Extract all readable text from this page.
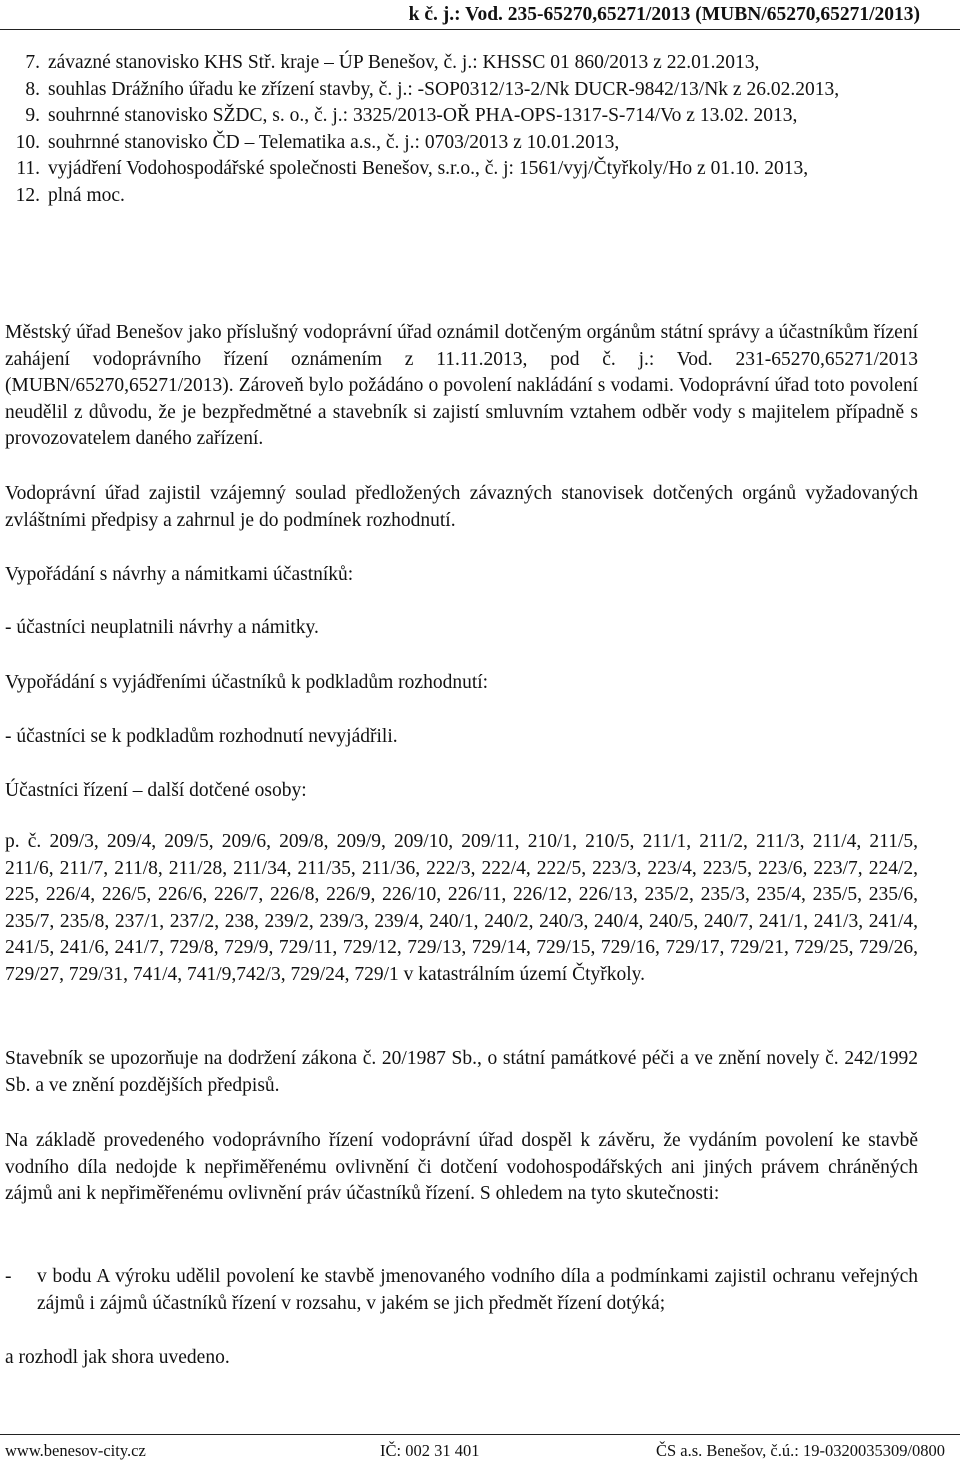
k č. j.: Vod. 235-65270,65271/2013 (MUBN/65270,65271/2013)
7. závazné stanovisko KHS Stř. kraje – ÚP Benešov, č. j.: KHSSC 01 860/2013 z 22.01.2013,
8. souhlas Drážního úřadu ke zřízení stavby, č. j.: -SOP0312/13-2/Nk DUCR-9842/13/Nk z 26.02.2013,
9. souhrnné stanovisko SŽDC, s. o., č. j.: 3325/2013-OŘ PHA-OPS-1317-S-714/Vo z 13.02. 2013,
10. souhrnné stanovisko ČD – Telematika a.s., č. j.: 0703/2013 z 10.01.2013,
11. vyjádření Vodohospodářské společnosti Benešov, s.r.o., č. j: 1561/vyj/Čtyřkoly/Ho z 01.10. 2013,
12. plná moc.

Městský úřad Benešov jako příslušný vodoprávní úřad oznámil dotčeným orgánům státní správy a účastníkům řízení zahájení vodoprávního řízení oznámením z 11.11.2013, pod č. j.: Vod. 231-65270,65271/2013 (MUBN/65270,65271/2013). Zároveň bylo požádáno o povolení nakládání s vodami. Vodoprávní úřad toto povolení neudělil z důvodu, že je bezpředmětné a stavebník si zajistí smluvním vztahem odběr vody s majitelem případně s provozovatelem daného zařízení.

Vodoprávní úřad zajistil vzájemný soulad předložených závazných stanovisek dotčených orgánů vyžadovaných zvláštními předpisy a zahrnul je do podmínek rozhodnutí.

Vypořádání s návrhy a námitkami účastníků:

- účastníci neuplatnili návrhy a námitky.

Vypořádání s vyjádřeními účastníků k podkladům rozhodnutí:

- účastníci se k podkladům rozhodnutí nevyjádřili.

Účastníci řízení – další dotčené osoby:

p. č. 209/3, 209/4, 209/5, 209/6, 209/8, 209/9, 209/10, 209/11, 210/1, 210/5, 211/1, 211/2, 211/3, 211/4, 211/5, 211/6, 211/7, 211/8, 211/28, 211/34, 211/35, 211/36, 222/3, 222/4, 222/5, 223/3, 223/4, 223/5, 223/6, 223/7, 224/2, 225, 226/4, 226/5, 226/6, 226/7, 226/8, 226/9, 226/10, 226/11, 226/12, 226/13, 235/2, 235/3, 235/4, 235/5, 235/6, 235/7, 235/8, 237/1, 237/2, 238, 239/2, 239/3, 239/4, 240/1, 240/2, 240/3, 240/4, 240/5, 240/7, 241/1, 241/3, 241/4, 241/5, 241/6, 241/7, 729/8, 729/9, 729/11, 729/12, 729/13, 729/14, 729/15, 729/16, 729/17, 729/21, 729/25, 729/26, 729/27, 729/31, 741/4, 741/9,742/3, 729/24, 729/1 v katastrálním území Čtyřkoly.

Stavebník se upozorňuje na dodržení zákona č. 20/1987 Sb., o státní památkové péči a ve znění novely č. 242/1992 Sb. a ve znění pozdějších předpisů.

Na základě provedeného vodoprávního řízení vodoprávní úřad dospěl k závěru, že vydáním povolení ke stavbě vodního díla nedojde k nepřiměřenému ovlivnění či dotčení vodohospodářských ani jiných právem chráněných zájmů ani k nepřiměřenému ovlivnění práv účastníků řízení. S ohledem na tyto skutečnosti:

-	v bodu A výroku udělil povolení ke stavbě jmenovaného vodního díla a podmínkami zajistil ochranu veřejných zájmů i zájmů účastníků řízení v rozsahu, v jakém se jich předmět řízení dotýká;

a rozhodl jak shora uvedeno.

www.benesov-city.cz	IČ: 002 31 401	ČS a.s. Benešov, č.ú.: 19-0320035309/0800
